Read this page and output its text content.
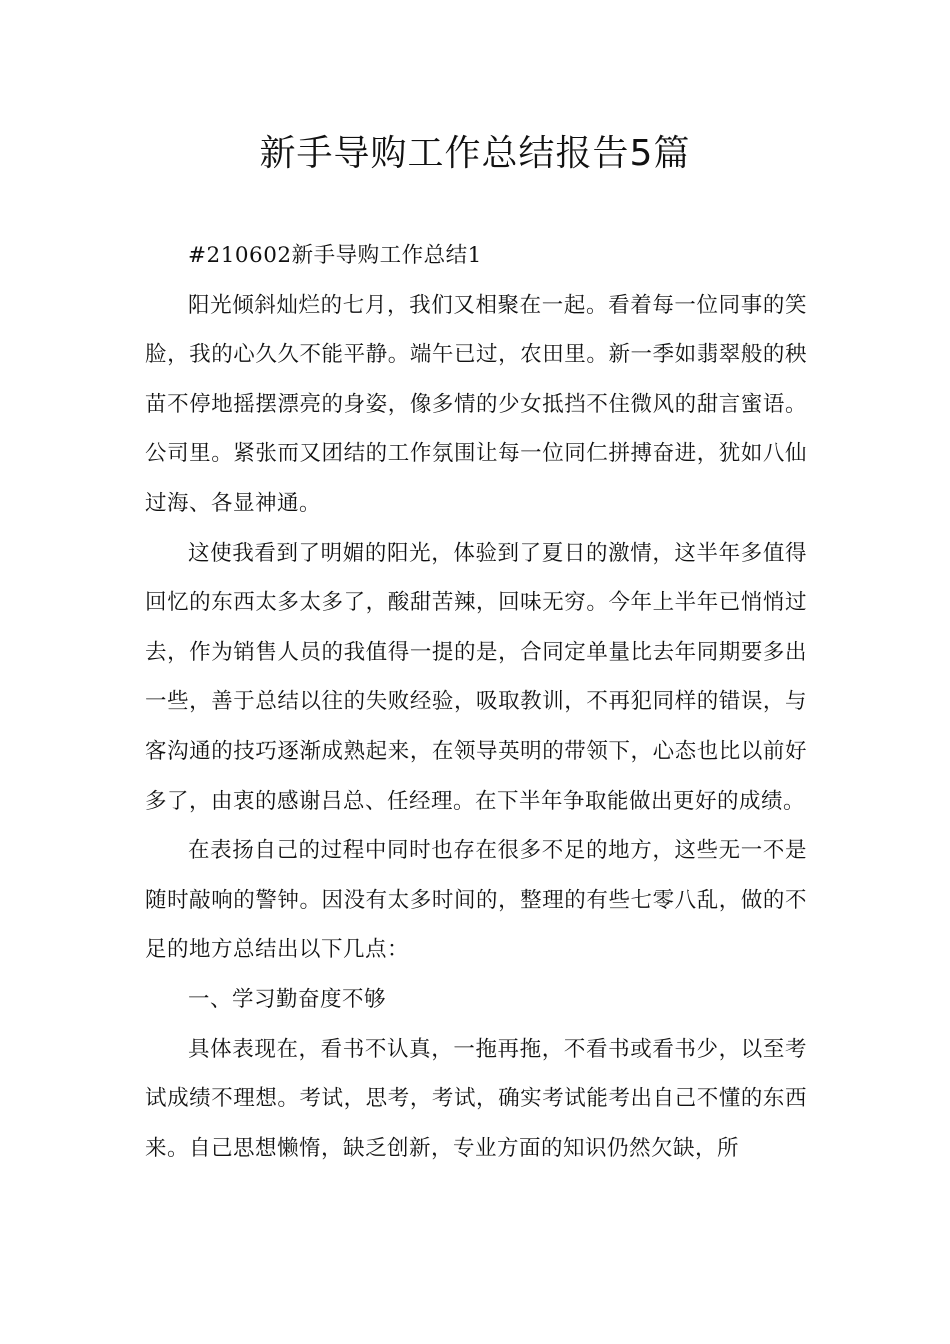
新手导购工作总结报告5篇

#210602新手导购工作总结1

阳光倾斜灿烂的七月，我们又相聚在一起。看着每一位同事的笑脸，我的心久久不能平静。端午已过，农田里。新一季如翡翠般的秧苗不停地摇摆漂亮的身姿，像多情的少女抵挡不住微风的甜言蜜语。公司里。紧张而又团结的工作氛围让每一位同仁拼搏奋进，犹如八仙过海、各显神通。

这使我看到了明媚的阳光，体验到了夏日的激情，这半年多值得回忆的东西太多太多了，酸甜苦辣，回味无穷。今年上半年已悄悄过去，作为销售人员的我值得一提的是，合同定单量比去年同期要多出一些，善于总结以往的失败经验，吸取教训，不再犯同样的错误，与客沟通的技巧逐渐成熟起来，在领导英明的带领下，心态也比以前好多了，由衷的感谢吕总、任经理。在下半年争取能做出更好的成绩。

在表扬自己的过程中同时也存在很多不足的地方，这些无一不是随时敲响的警钟。因没有太多时间的，整理的有些七零八乱，做的不足的地方总结出以下几点：

一、学习勤奋度不够

具体表现在，看书不认真，一拖再拖，不看书或看书少，以至考试成绩不理想。考试，思考，考试，确实考试能考出自己不懂的东西来。自己思想懒惰，缺乏创新，专业方面的知识仍然欠缺，所
